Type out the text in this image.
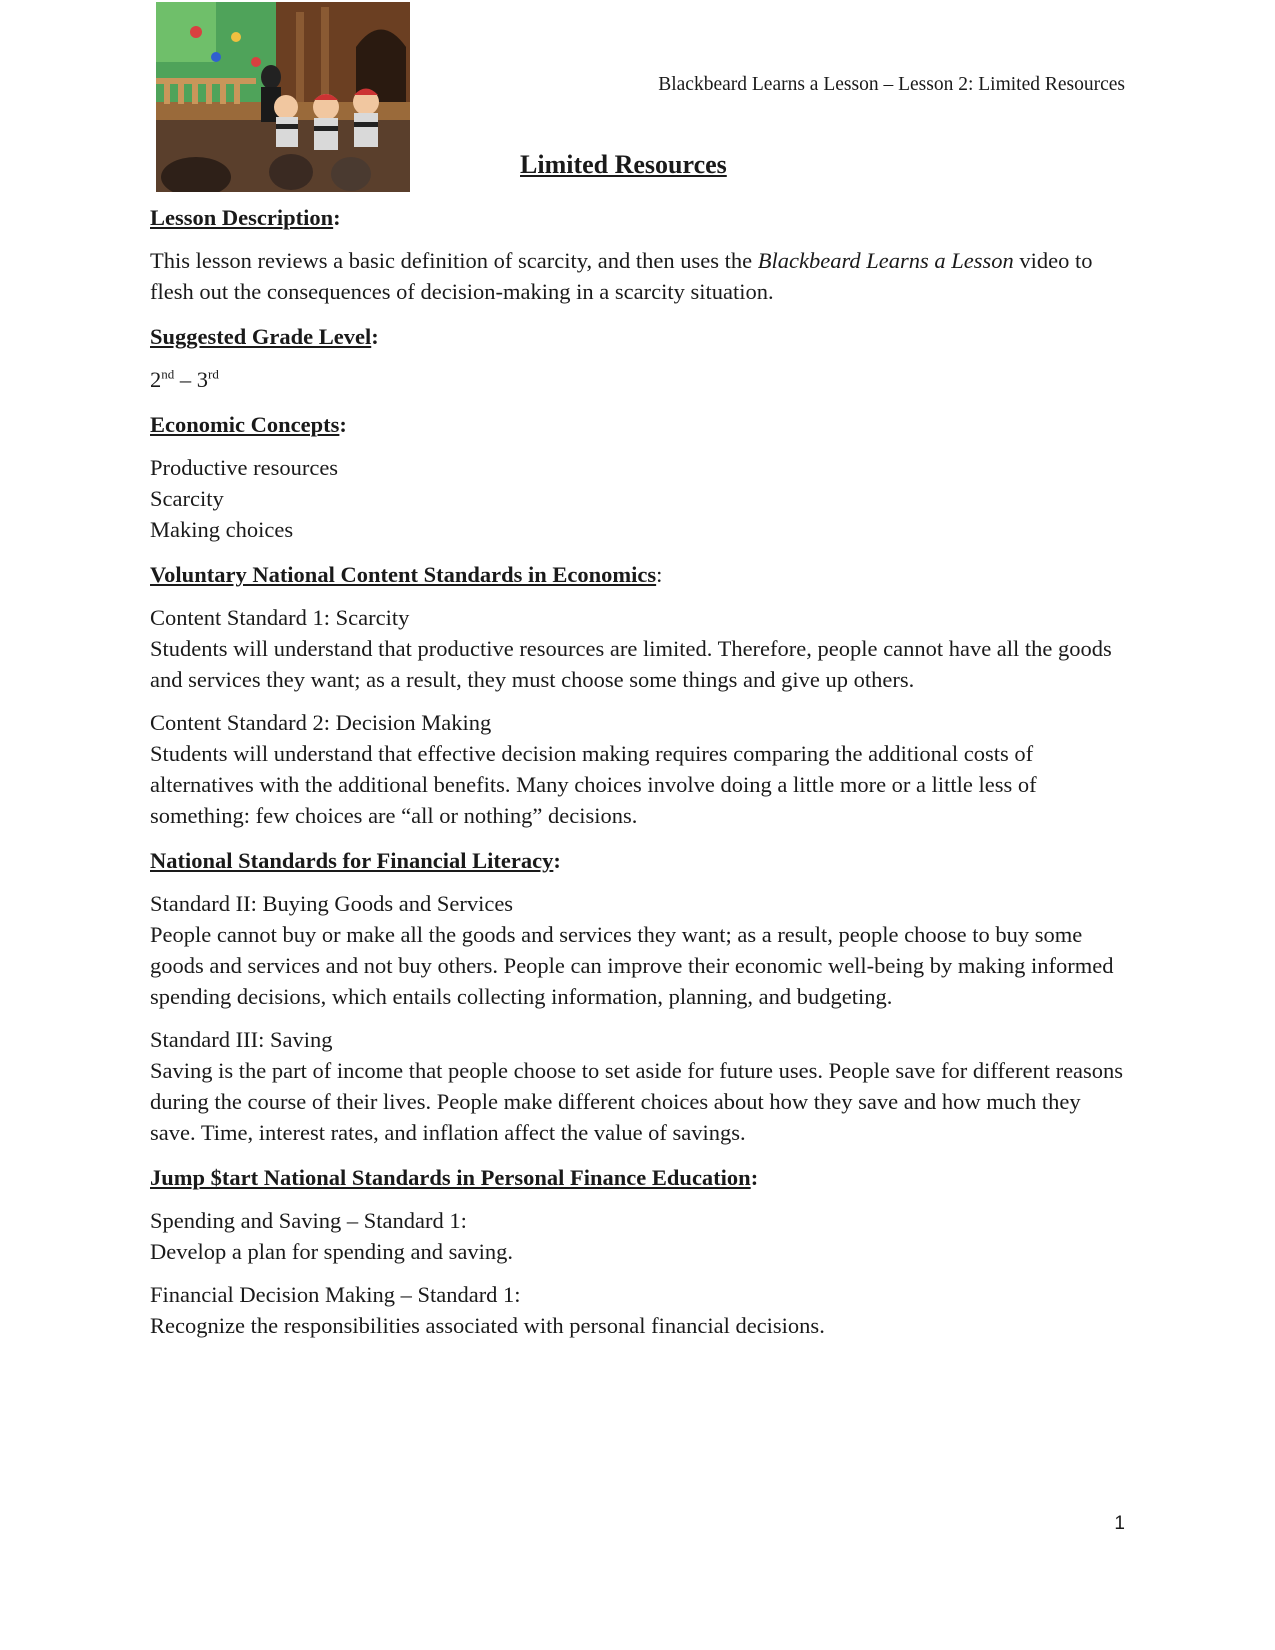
Blackbeard Learns a Lesson – Lesson 2: Limited Resources
Limited Resources

Lesson Description:

This lesson reviews a basic definition of scarcity, and then uses the Blackbeard Learns a Lesson video to flesh out the consequences of decision-making in a scarcity situation.

Suggested Grade Level:

2nd – 3rd

Economic Concepts:

Productive resources

Scarcity

Making choices

Voluntary National Content Standards in Economics:

Content Standard 1: Scarcity

Students will understand that productive resources are limited. Therefore, people cannot have all the goods and services they want; as a result, they must choose some things and give up others.

Content Standard 2: Decision Making

Students will understand that effective decision making requires comparing the additional costs of alternatives with the additional benefits. Many choices involve doing a little more or a little less of something: few choices are “all or nothing” decisions.

National Standards for Financial Literacy:

Standard II: Buying Goods and Services

People cannot buy or make all the goods and services they want; as a result, people choose to buy some goods and services and not buy others. People can improve their economic well-being by making informed spending decisions, which entails collecting information, planning, and budgeting.

Standard III: Saving

Saving is the part of income that people choose to set aside for future uses. People save for different reasons during the course of their lives. People make different choices about how they save and how much they save. Time, interest rates, and inflation affect the value of savings.

Jump $tart National Standards in Personal Finance Education:

Spending and Saving – Standard 1:

Develop a plan for spending and saving.

Financial Decision Making – Standard 1:

Recognize the responsibilities associated with personal financial decisions.

1
